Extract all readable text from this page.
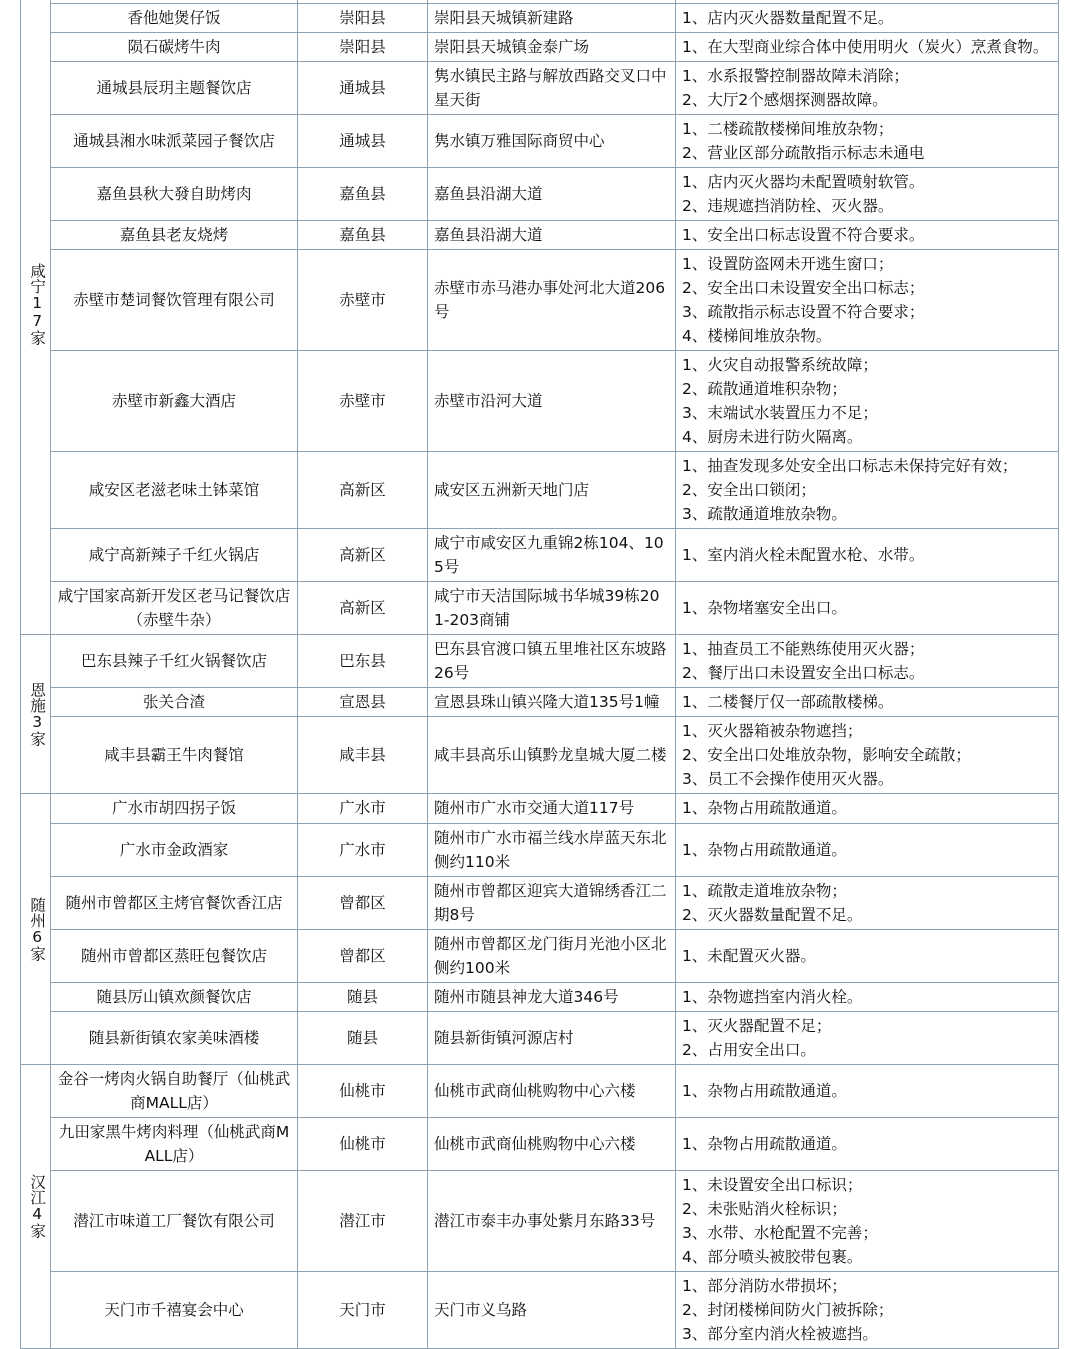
咸宁17家

	香他她煲仔饭	崇阳县	崇阳县天城镇新建路	1、店内灭火器数量配置不足。

	陨石碳烤牛肉	崇阳县	崇阳县天城镇金泰广场	1、在大型商业综合体中使用明火（炭火）烹煮食物。

	通城县辰玥主题餐饮店	通城县	隽水镇民主路与解放西路交叉口中星天街	1、水系报警控制器故障未消除；
2、大厅2个感烟探测器故障。

	通城县湘水味派菜园子餐饮店	通城县	隽水镇万雅国际商贸中心	1、二楼疏散楼梯间堆放杂物；
2、营业区部分疏散指示标志未通电

	嘉鱼县秋大發自助烤肉	嘉鱼县	嘉鱼县沿湖大道	1、店内灭火器均未配置喷射软管。
2、违规遮挡消防栓、灭火器。

	嘉鱼县老友烧烤	嘉鱼县	嘉鱼县沿湖大道	1、安全出口标志设置不符合要求。

	赤壁市楚词餐饮管理有限公司	赤壁市	赤壁市赤马港办事处河北大道206号	1、设置防盗网未开逃生窗口；
2、安全出口未设置安全出口标志；
3、疏散指示标志设置不符合要求；
4、楼梯间堆放杂物。

	赤壁市新鑫大酒店	赤壁市	赤壁市沿河大道	1、火灾自动报警系统故障；
2、疏散通道堆积杂物；
3、末端试水装置压力不足；
4、厨房未进行防火隔离。

	咸安区老滋老味土钵菜馆	高新区	咸安区五洲新天地门店	1、抽查发现多处安全出口标志未保持完好有效；
2、安全出口锁闭；
3、疏散通道堆放杂物。

	咸宁高新辣子千红火锅店	高新区	咸宁市咸安区九重锦2栋104、105号	1、室内消火栓未配置水枪、水带。

	咸宁国家高新开发区老马记餐饮店（赤壁牛杂）	高新区	咸宁市天洁国际城书华城39栋201-203商铺	1、杂物堵塞安全出口。

恩施3家	巴东县辣子千红火锅餐饮店	巴东县	巴东县官渡口镇五里堆社区东坡路26号	1、抽查员工不能熟练使用灭火器；
2、餐厅出口未设置安全出口标志。

	张关合渣	宣恩县	宣恩县珠山镇兴隆大道135号1幢	1、二楼餐厅仅一部疏散楼梯。

	咸丰县霸王牛肉餐馆	咸丰县	咸丰县高乐山镇黔龙皇城大厦二楼	1、灭火器箱被杂物遮挡；
2、安全出口处堆放杂物，影响安全疏散；
3、员工不会操作使用灭火器。

随州6家	广水市胡四拐子饭	广水市	随州市广水市交通大道117号	1、杂物占用疏散通道。

	广水市金政酒家	广水市	随州市广水市福兰线水岸蓝天东北侧约110米	1、杂物占用疏散通道。

	随州市曾都区主烤官餐饮香江店	曾都区	随州市曾都区迎宾大道锦绣香江二期8号	1、疏散走道堆放杂物；
2、灭火器数量配置不足。

	随州市曾都区蒸旺包餐饮店	曾都区	随州市曾都区龙门街月光池小区北侧约100米	1、未配置灭火器。

	随县厉山镇欢颜餐饮店	随县	随州市随县神龙大道346号	1、杂物遮挡室内消火栓。

	随县新街镇农家美味酒楼	随县	随县新街镇河源店村	1、灭火器配置不足；
2、占用安全出口。

汉江4家	金谷一烤肉火锅自助餐厅（仙桃武商MALL店）	仙桃市	仙桃市武商仙桃购物中心六楼	1、杂物占用疏散通道。

	九田家黑牛烤肉料理（仙桃武商MALL店）	仙桃市	仙桃市武商仙桃购物中心六楼	1、杂物占用疏散通道。

	潜江市味道工厂餐饮有限公司	潜江市	潜江市泰丰办事处紫月东路33号	1、未设置安全出口标识；
2、未张贴消火栓标识；
3、水带、水枪配置不完善；
4、部分喷头被胶带包裹。

	天门市千禧宴会中心	天门市	天门市义乌路	1、部分消防水带损坏；
2、封闭楼梯间防火门被拆除；
3、部分室内消火栓被遮挡。
